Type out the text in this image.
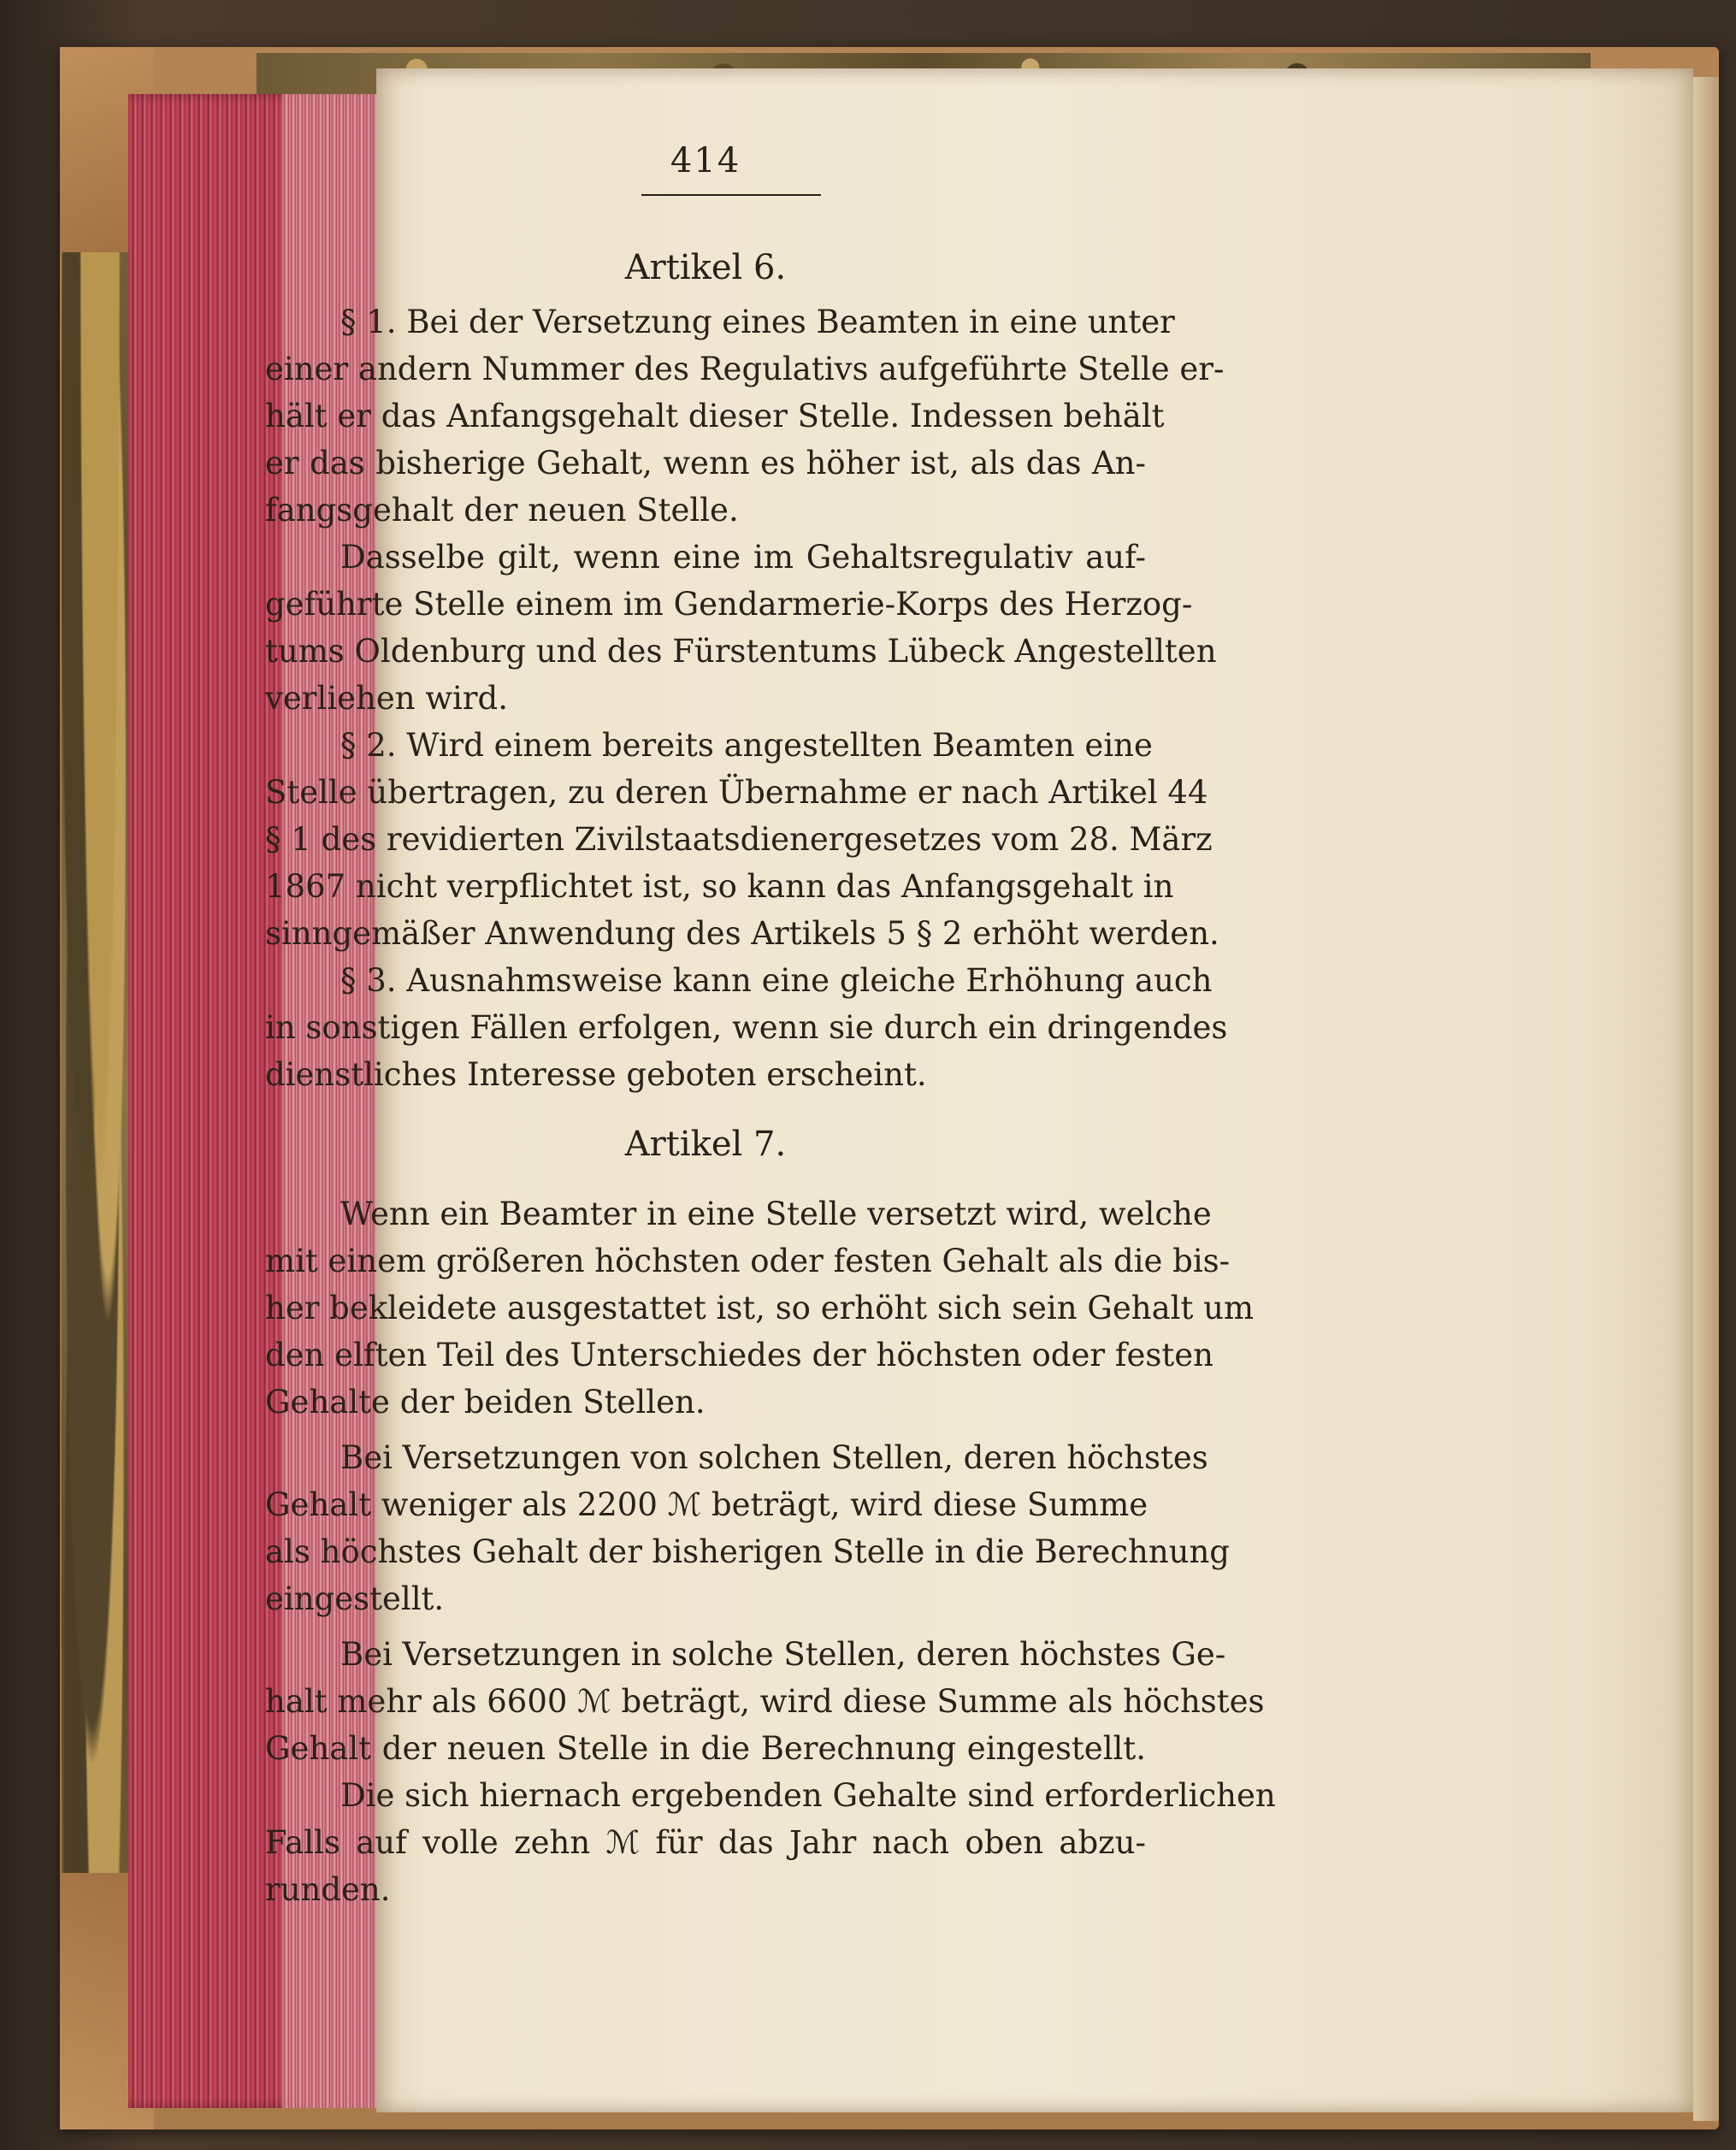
414
Artikel 6.
§ 1. Bei der Versetzung eines Beamten in eine unter
einer andern Nummer des Regulativs aufgeführte Stelle er-
hält er das Anfangsgehalt dieser Stelle. Indessen behält
er das bisherige Gehalt, wenn es höher ist, als das An-
fangsgehalt der neuen Stelle.
Dasselbe gilt, wenn eine im Gehaltsregulativ auf-
geführte Stelle einem im Gendarmerie-Korps des Herzog-
tums Oldenburg und des Fürstentums Lübeck Angestellten
verliehen wird.
§ 2. Wird einem bereits angestellten Beamten eine
Stelle übertragen, zu deren Übernahme er nach Artikel 44
§ 1 des revidierten Zivilstaatsdienergesetzes vom 28. März
1867 nicht verpflichtet ist, so kann das Anfangsgehalt in
sinngemäßer Anwendung des Artikels 5 § 2 erhöht werden.
§ 3. Ausnahmsweise kann eine gleiche Erhöhung auch
in sonstigen Fällen erfolgen, wenn sie durch ein dringendes
dienstliches Interesse geboten erscheint.
Artikel 7.
Wenn ein Beamter in eine Stelle versetzt wird, welche
mit einem größeren höchsten oder festen Gehalt als die bis-
her bekleidete ausgestattet ist, so erhöht sich sein Gehalt um
den elften Teil des Unterschiedes der höchsten oder festen
Gehalte der beiden Stellen.
Bei Versetzungen von solchen Stellen, deren höchstes
Gehalt weniger als 2200 ℳ beträgt, wird diese Summe
als höchstes Gehalt der bisherigen Stelle in die Berechnung
eingestellt.
Bei Versetzungen in solche Stellen, deren höchstes Ge-
halt mehr als 6600 ℳ beträgt, wird diese Summe als höchstes
Gehalt der neuen Stelle in die Berechnung eingestellt.
Die sich hiernach ergebenden Gehalte sind erforderlichen
Falls auf volle zehn ℳ für das Jahr nach oben abzu-
runden.
